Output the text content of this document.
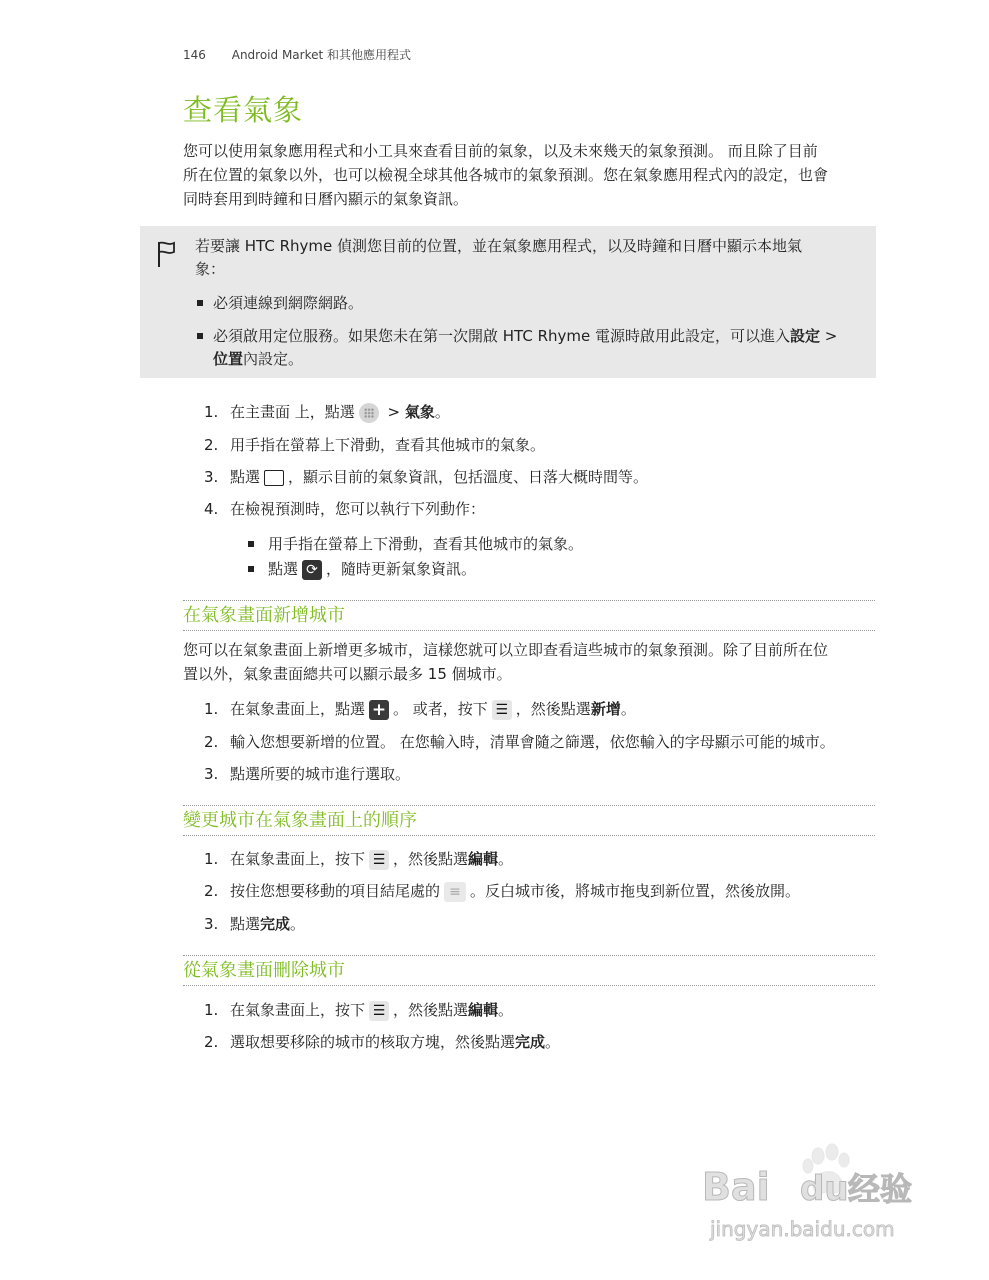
146 Android Market 和其他應用程式
查看氣象
您可以使用氣象應用程式和小工具來查看目前的氣象，以及未來幾天的氣象預測。 而且除了目前
所在位置的氣象以外，也可以檢視全球其他各城市的氣象預測。您在氣象應用程式內的設定，也會
同時套用到時鐘和日曆內顯示的氣象資訊。
若要讓 HTC Rhyme 偵測您目前的位置，並在氣象應用程式，以及時鐘和日曆中顯示本地氣
象：
必須連線到網際網路。
必須啟用定位服務。如果您未在第一次開啟 HTC Rhyme 電源時啟用此設定，可以進入設定 >
位置內設定。
1. 在主畫面 上，點選 > 氣象。
2. 用手指在螢幕上下滑動，查看其他城市的氣象。
3. 點選 ，顯示目前的氣象資訊，包括溫度、日落大概時間等。
4. 在檢視預測時，您可以執行下列動作：
用手指在螢幕上下滑動，查看其他城市的氣象。
點選 ⟳ ，隨時更新氣象資訊。
在氣象畫面新增城市
您可以在氣象畫面上新增更多城市，這樣您就可以立即查看這些城市的氣象預測。除了目前所在位
置以外，氣象畫面總共可以顯示最多 15 個城市。
1. 在氣象畫面上，點選 + 。 或者，按下 ☰ ，然後點選新增。
2. 輸入您想要新增的位置。 在您輸入時，清單會隨之篩選，依您輸入的字母顯示可能的城市。
3. 點選所要的城市進行選取。
變更城市在氣象畫面上的順序
1. 在氣象畫面上，按下 ☰ ，然後點選編輯。
2. 按住您想要移動的項目結尾處的 ≡ 。反白城市後，將城市拖曳到新位置，然後放開。
3. 點選完成。
從氣象畫面刪除城市
1. 在氣象畫面上，按下 ☰ ，然後點選編輯。
2. 選取想要移除的城市的核取方塊，然後點選完成。
Bai du 经验
jingyan.baidu.com
